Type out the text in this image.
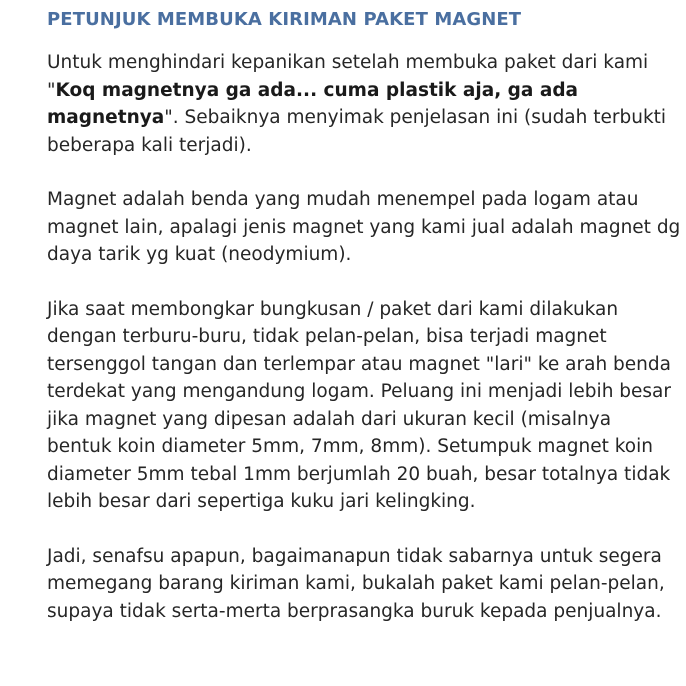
PETUNJUK MEMBUKA KIRIMAN PAKET MAGNET

Untuk menghindari kepanikan setelah membuka paket dari kami "Koq magnetnya ga ada... cuma plastik aja, ga ada magnetnya". Sebaiknya menyimak penjelasan ini (sudah terbukti beberapa kali terjadi).

Magnet adalah benda yang mudah menempel pada logam atau magnet lain, apalagi jenis magnet yang kami jual adalah magnet dg daya tarik yg kuat (neodymium).

Jika saat membongkar bungkusan / paket dari kami dilakukan dengan terburu-buru, tidak pelan-pelan, bisa terjadi magnet tersenggol tangan dan terlempar atau magnet "lari" ke arah benda terdekat yang mengandung logam. Peluang ini menjadi lebih besar jika magnet yang dipesan adalah dari ukuran kecil (misalnya bentuk koin diameter 5mm, 7mm, 8mm). Setumpuk magnet koin diameter 5mm tebal 1mm berjumlah 20 buah, besar totalnya tidak lebih besar dari sepertiga kuku jari kelingking.

Jadi, senafsu apapun, bagaimanapun tidak sabarnya untuk segera memegang barang kiriman kami, bukalah paket kami pelan-pelan, supaya tidak serta-merta berprasangka buruk kepada penjualnya.
